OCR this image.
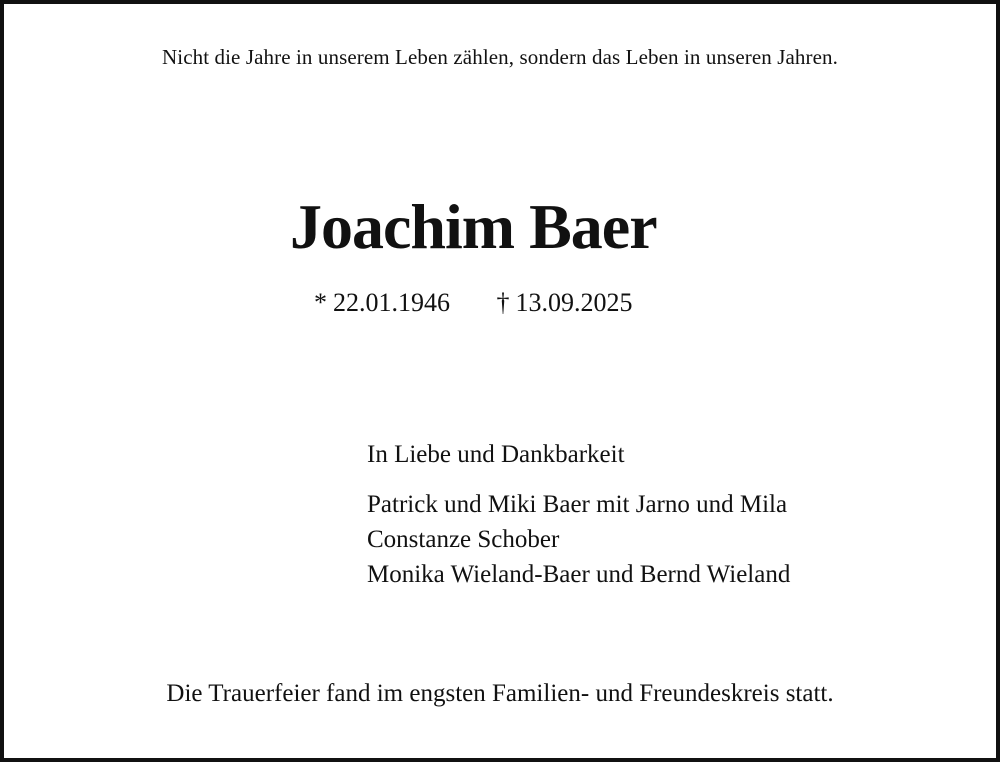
Nicht die Jahre in unserem Leben zählen, sondern das Leben in unseren Jahren.
Joachim Baer
* 22.01.1946 † 13.09.2025
In Liebe und Dankbarkeit
Patrick und Miki Baer mit Jarno und Mila
Constanze Schober
Monika Wieland-Baer und Bernd Wieland
Die Trauerfeier fand im engsten Familien- und Freundeskreis statt.
